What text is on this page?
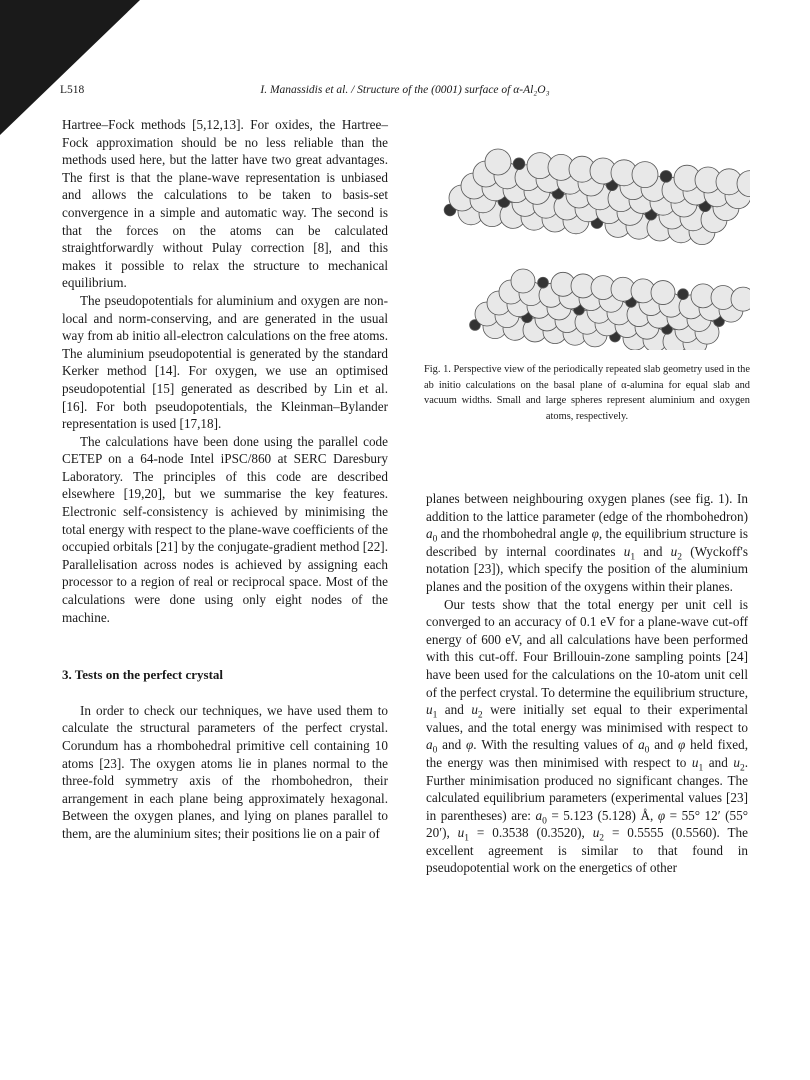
L518	I. Manassidis et al. / Structure of the (0001) surface of α-Al₂O₃

Hartree–Fock methods [5,12,13]. For oxides, the Hartree–Fock approximation should be no less reliable than the methods used here, but the latter have two great advantages. The first is that the plane-wave representation is unbiased and allows the calculations to be taken to basis-set convergence in a simple and automatic way. The second is that the forces on the atoms can be calculated straightforwardly without Pulay correction [8], and this makes it possible to relax the structure to mechanical equilibrium.

The pseudopotentials for aluminium and oxygen are non-local and norm-conserving, and are generated in the usual way from ab initio all-electron calculations on the free atoms. The aluminium pseudopotential is generated by the standard Kerker method [14]. For oxygen, we use an optimised pseudopotential [15] generated as described by Lin et al. [16]. For both pseudopotentials, the Kleinman–Bylander representation is used [17,18].

The calculations have been done using the parallel code CETEP on a 64-node Intel iPSC/860 at SERC Daresbury Laboratory. The principles of this code are described elsewhere [19,20], but we summarise the key features. Electronic self-consistency is achieved by minimising the total energy with respect to the plane-wave coefficients of the occupied orbitals [21] by the conjugate-gradient method [22]. Parallelisation across nodes is achieved by assigning each processor to a region of real or reciprocal space. Most of the calculations were done using only eight nodes of the machine.

3. Tests on the perfect crystal

In order to check our techniques, we have used them to calculate the structural parameters of the perfect crystal. Corundum has a rhombohedral primitive cell containing 10 atoms [23]. The oxygen atoms lie in planes normal to the three-fold symmetry axis of the rhombohedron, their arrangement in each plane being approximately hexagonal. Between the oxygen planes, and lying on planes parallel to them, are the aluminium sites; their positions lie on a pair of

Fig. 1. Perspective view of the periodically repeated slab geometry used in the ab initio calculations on the basal plane of α-alumina for equal slab and vacuum widths. Small and large spheres represent aluminium and oxygen atoms, respectively.

planes between neighbouring oxygen planes (see fig. 1). In addition to the lattice parameter (edge of the rhombohedron) $a_0$ and the rhombohedral angle φ, the equilibrium structure is described by internal coordinates $u_1$ and $u_2$ (Wyckoff's notation [23]), which specify the position of the aluminium planes and the position of the oxygens within their planes.

Our tests show that the total energy per unit cell is converged to an accuracy of 0.1 eV for a plane-wave cut-off energy of 600 eV, and all calculations have been performed with this cut-off. Four Brillouin-zone sampling points [24] have been used for the calculations on the 10-atom unit cell of the perfect crystal. To determine the equilibrium structure, $u_1$ and $u_2$ were initially set equal to their experimental values, and the total energy was minimised with respect to $a_0$ and φ. With the resulting values of $a_0$ and φ held fixed, the energy was then minimised with respect to $u_1$ and $u_2$. Further minimisation produced no significant changes. The calculated equilibrium parameters (experimental values [23] in parentheses) are: $a_0 = 5.123$ (5.128) Å, φ = 55° 12′ (55° 20′), $u_1 = 0.3538$ (0.3520), $u_2 = 0.5555$ (0.5560). The excellent agreement is similar to that found in pseudopotential work on the energetics of other
